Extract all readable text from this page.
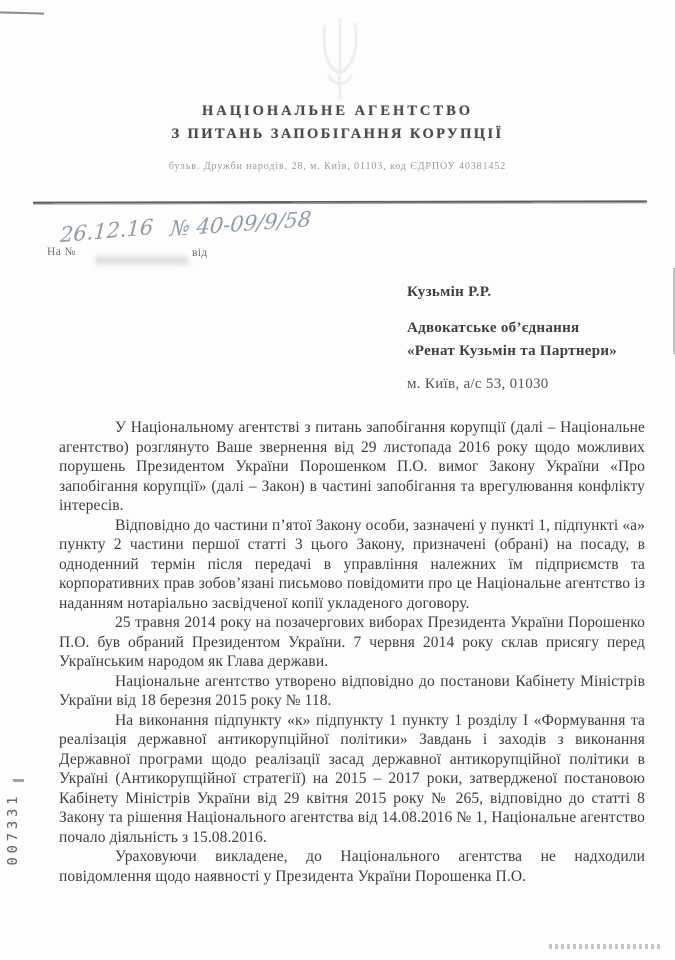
НАЦІОНАЛЬНЕ АГЕНТСТВО
З ПИТАНЬ ЗАПОБІГАННЯ КОРУПЦІЇ
бульв. Дружби народів, 28, м. Київ, 01103, код ЄДРПОУ 40381452
26.12.16 № 40-09/9/58
На №	від
Кузьмін Р.Р.
Адвокатське об’єднання
«Ренат Кузьмін та Партнери»
м. Київ, а/с 53, 01030

У Національному агентстві з питань запобігання корупції (далі – Національне агентство) розглянуто Ваше звернення від 29 листопада 2016 року щодо можливих порушень Президентом України Порошенком П.О. вимог Закону України «Про запобігання корупції» (далі – Закон) в частині запобігання та врегулювання конфлікту інтересів.

Відповідно до частини п’ятої Закону особи, зазначені у пункті 1, підпункті «а» пункту 2 частини першої статті 3 цього Закону, призначені (обрані) на посаду, в одноденний термін після передачі в управління належних їм підприємств та корпоративних прав зобов’язані письмово повідомити про це Національне агентство із наданням нотаріально засвідченої копії укладеного договору.

25 травня 2014 року на позачергових виборах Президента України Порошенко П.О. був обраний Президентом України. 7 червня 2014 року склав присягу перед Українським народом як Глава держави.

Національне агентство утворено відповідно до постанови Кабінету Міністрів України від 18 березня 2015 року № 118.

На виконання підпункту «к» підпункту 1 пункту 1 розділу І «Формування та реалізація державної антикорупційної політики» Завдань і заходів з виконання Державної програми щодо реалізації засад державної антикорупційної політики в Україні (Антикорупційної стратегії) на 2015 – 2017 роки, затвердженої постановою Кабінету Міністрів України від 29 квітня 2015 року № 265, відповідно до статті 8 Закону та рішення Національного агентства від 14.08.2016 № 1, Національне агентство почало діяльність з 15.08.2016.

Ураховуючи викладене, до Національного агентства не надходили повідомлення щодо наявності у Президента України Порошенка П.О.

007331
